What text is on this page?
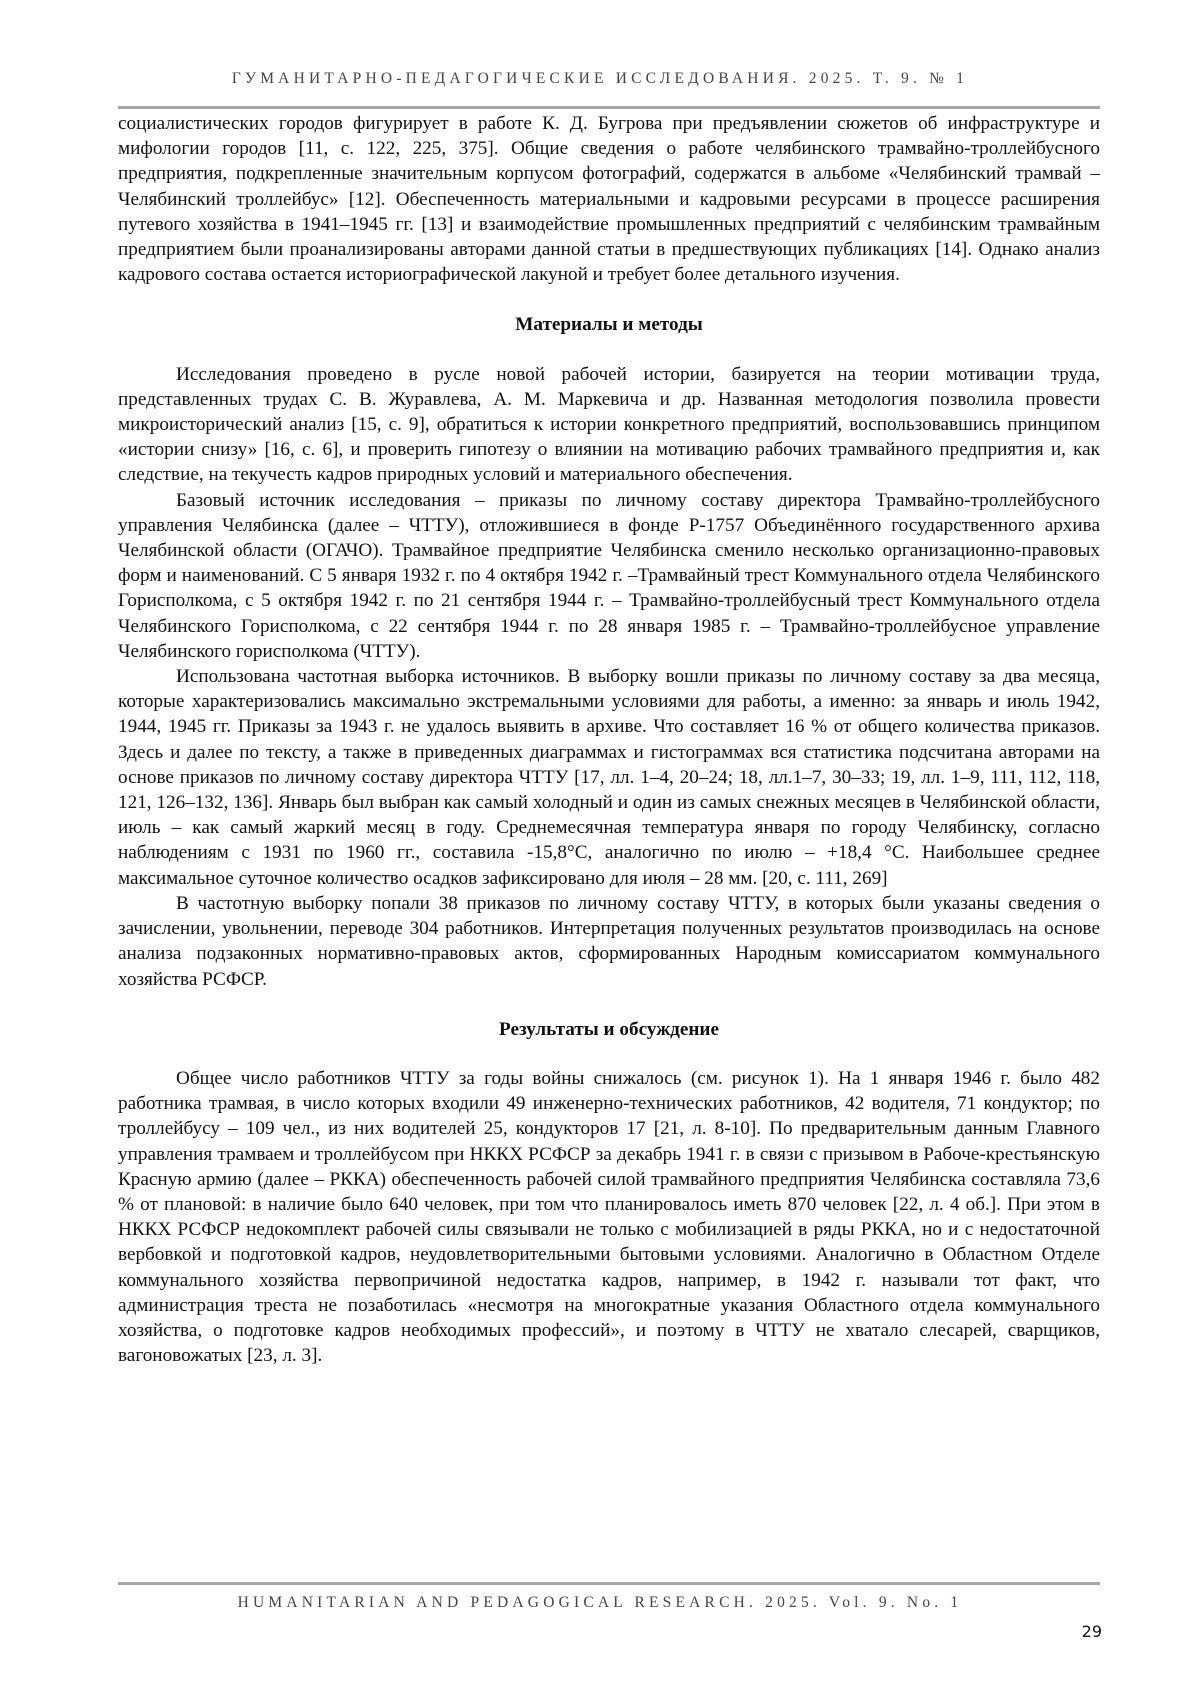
ГУМАНИТАРНО-ПЕДАГОГИЧЕСКИЕ ИССЛЕДОВАНИЯ. 2025. Т. 9. № 1

социалистических городов фигурирует в работе К. Д. Бугрова при предъявлении сюжетов об инфраструктуре и мифологии городов [11, с. 122, 225, 375]. Общие сведения о работе челябинского трамвайно-троллейбусного предприятия, подкрепленные значительным корпусом фотографий, содержатся в альбоме «Челябинский трамвай – Челябинский троллейбус» [12]. Обеспеченность материальными и кадровыми ресурсами в процессе расширения путевого хозяйства в 1941–1945 гг. [13] и взаимодействие промышленных предприятий с челябинским трамвайным предприятием были проанализированы авторами данной статьи в предшествующих публикациях [14]. Однако анализ кадрового состава остается историографической лакуной и требует более детального изучения.

Материалы и методы

Исследования проведено в русле новой рабочей истории, базируется на теории мотивации труда, представленных трудах С. В. Журавлева, А. М. Маркевича и др. Названная методология позволила провести микроисторический анализ [15, с. 9], обратиться к истории конкретного предприятий, воспользовавшись принципом «истории снизу» [16, с. 6], и проверить гипотезу о влиянии на мотивацию рабочих трамвайного предприятия и, как следствие, на текучесть кадров природных условий и материального обеспечения.

Базовый источник исследования – приказы по личному составу директора Трамвайно-троллейбусного управления Челябинска (далее – ЧТТУ), отложившиеся в фонде Р-1757 Объединённого государственного архива Челябинской области (ОГАЧО). Трамвайное предприятие Челябинска сменило несколько организационно-правовых форм и наименований. С 5 января 1932 г. по 4 октября 1942 г. –Трамвайный трест Коммунального отдела Челябинского Горисполкома, с 5 октября 1942 г. по 21 сентября 1944 г. – Трамвайно-троллейбусный трест Коммунального отдела Челябинского Горисполкома, с 22 сентября 1944 г. по 28 января 1985 г. – Трамвайно-троллейбусное управление Челябинского горисполкома (ЧТТУ).

Использована частотная выборка источников. В выборку вошли приказы по личному составу за два месяца, которые характеризовались максимально экстремальными условиями для работы, а именно: за январь и июль 1942, 1944, 1945 гг. Приказы за 1943 г. не удалось выявить в архиве. Что составляет 16 % от общего количества приказов. Здесь и далее по тексту, а также в приведенных диаграммах и гистограммах вся статистика подсчитана авторами на основе приказов по личному составу директора ЧТТУ [17, лл. 1–4, 20–24; 18, лл.1–7, 30–33; 19, лл. 1–9, 111, 112, 118, 121, 126–132, 136]. Январь был выбран как самый холодный и один из самых снежных месяцев в Челябинской области, июль – как самый жаркий месяц в году. Среднемесячная температура января по городу Челябинску, согласно наблюдениям с 1931 по 1960 гг., составила -15,8°С, аналогично по июлю – +18,4 °С. Наибольшее среднее максимальное суточное количество осадков зафиксировано для июля – 28 мм. [20, с. 111, 269]

В частотную выборку попали 38 приказов по личному составу ЧТТУ, в которых были указаны сведения о зачислении, увольнении, переводе 304 работников. Интерпретация полученных результатов производилась на основе анализа подзаконных нормативно-правовых актов, сформированных Народным комиссариатом коммунального хозяйства РСФСР.

Результаты и обсуждение

Общее число работников ЧТТУ за годы войны снижалось (см. рисунок 1). На 1 января 1946 г. было 482 работника трамвая, в число которых входили 49 инженерно-технических работников, 42 водителя, 71 кондуктор; по троллейбусу – 109 чел., из них водителей 25, кондукторов 17 [21, л. 8-10]. По предварительным данным Главного управления трамваем и троллейбусом при НККХ РСФСР за декабрь 1941 г. в связи с призывом в Рабоче-крестьянскую Красную армию (далее – РККА) обеспеченность рабочей силой трамвайного предприятия Челябинска составляла 73,6 % от плановой: в наличие было 640 человек, при том что планировалось иметь 870 человек [22, л. 4 об.]. При этом в НККХ РСФСР недокомплект рабочей силы связывали не только с мобилизацией в ряды РККА, но и с недостаточной вербовкой и подготовкой кадров, неудовлетворительными бытовыми условиями. Аналогично в Областном Отделе коммунального хозяйства первопричиной недостатка кадров, например, в 1942 г. называли тот факт, что администрация треста не позаботилась «несмотря на многократные указания Областного отдела коммунального хозяйства, о подготовке кадров необходимых профессий», и поэтому в ЧТТУ не хватало слесарей, сварщиков, вагоновожатых [23, л. 3].

HUMANITARIAN AND PEDAGOGICAL RESEARCH. 2025. Vol. 9. No. 1
29
